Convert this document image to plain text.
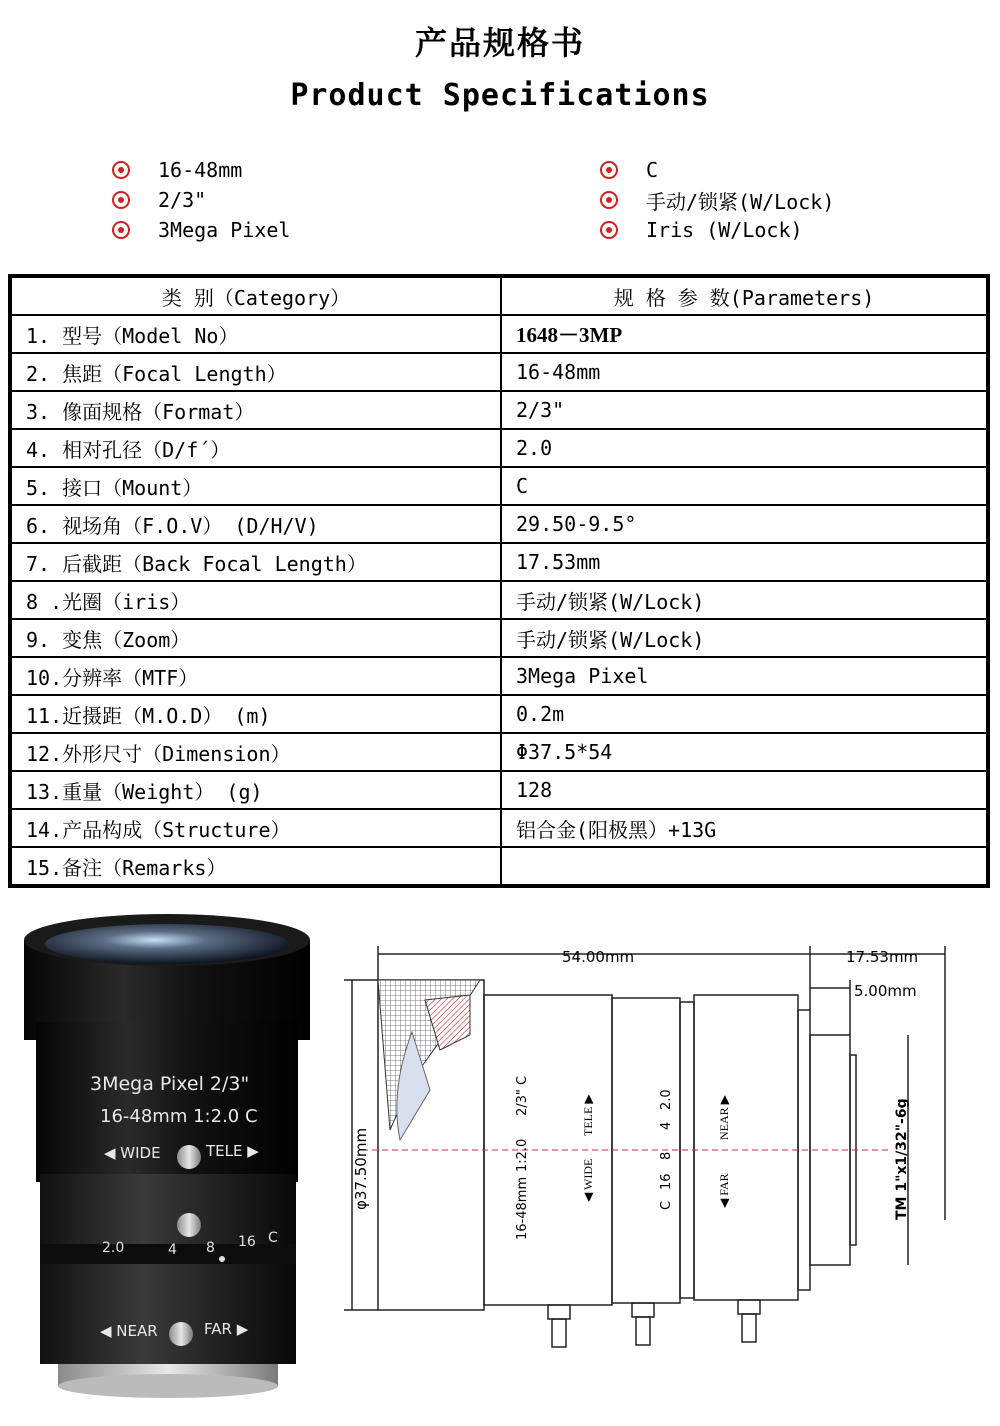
产品规格书
Product Specifications
16-48mm
2/3"
3Mega Pixel
C
手动/锁紧(W/Lock)
Iris (W/Lock)
类 别（Category）	规 格 参 数(Parameters)
1. 型号（Model No）	1648－3MP
2. 焦距（Focal Length）	16-48mm
3. 像面规格（Format）	2/3"
4. 相对孔径（D/f´）	2.0
5. 接口（Mount）	C
6. 视场角（F.O.V） (D/H/V)	29.50-9.5°
7. 后截距（Back Focal Length）	17.53mm
8 .光圈（iris）	手动/锁紧(W/Lock)
9. 变焦（Zoom）	手动/锁紧(W/Lock)
10.分辨率（MTF）	3Mega Pixel
11.近摄距（M.O.D） (m)	0.2m
12.外形尺寸（Dimension）	Φ37.5*54
13.重量（Weight） (g)	128
14.产品构成（Structure）	铝合金(阳极黑）+13G
15.备注（Remarks）	
3Mega Pixel 2/3"
16-48mm 1:2.0 C
◀ WIDE	TELE ▶
2.0	4 8 16 C
◀ NEAR	FAR ▶
54.00mm	17.53mm
5.00mm
φ37.50mm	TM 1"x1/32"-6g
16-48mm
1:2.0
2/3" C	TELE ▶
◀ WIDE
C
16
8
4
2.0	NEAR ▶
◀ FAR
